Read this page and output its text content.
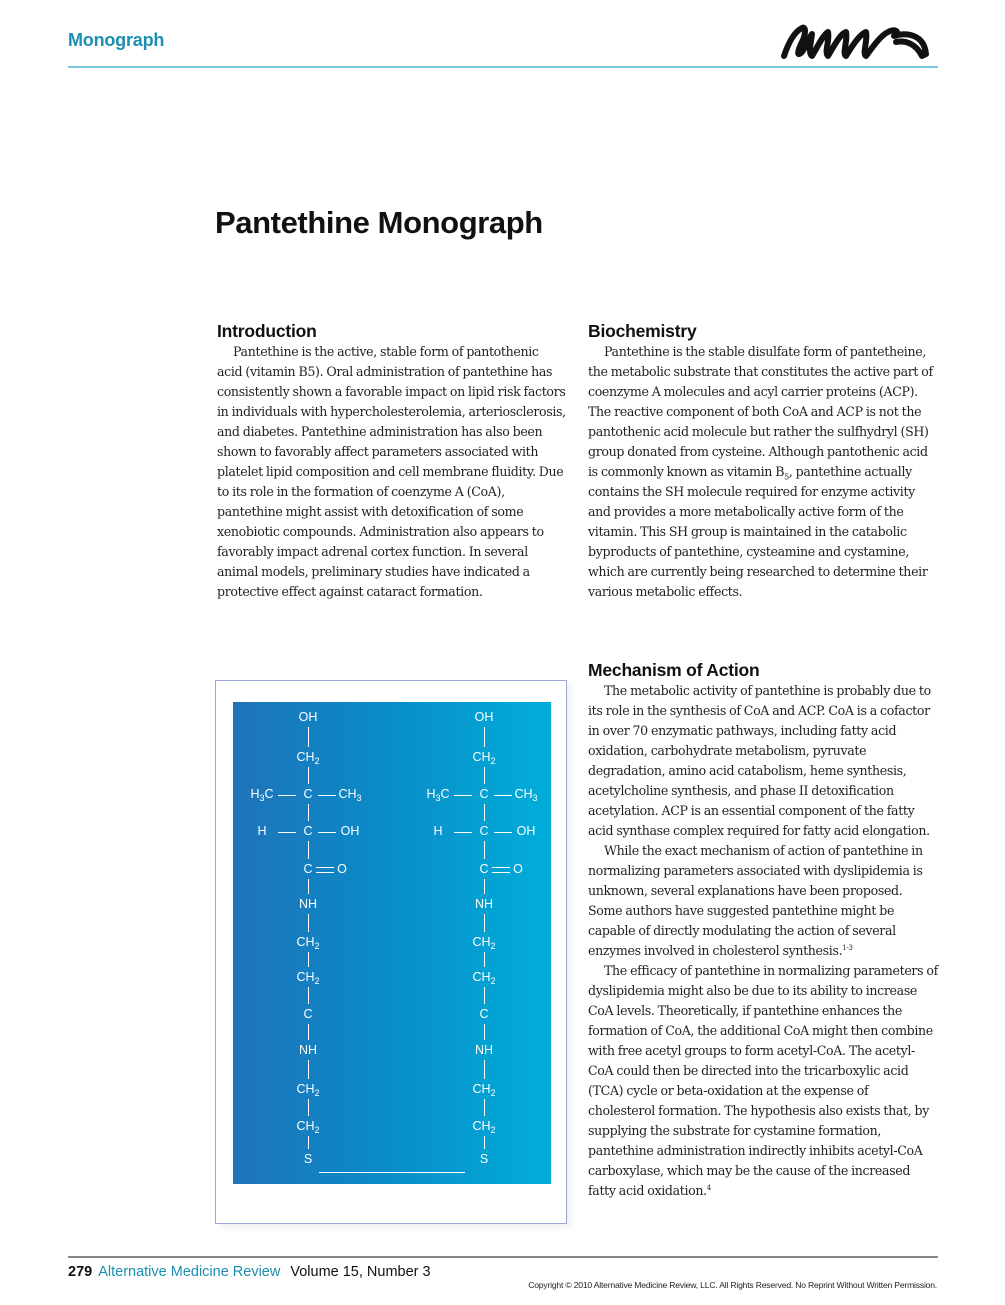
Monograph
Pantethine Monograph
Introduction

Pantethine is the active, stable form of pantothenic acid (vitamin B5). Oral administration of pantethine has consistently shown a favorable impact on lipid risk factors in individuals with hypercholesterolemia, arteriosclerosis, and diabetes. Pantethine administration has also been shown to favorably affect parameters associated with platelet lipid composition and cell membrane fluidity. Due to its role in the formation of coenzyme A (CoA), pantethine might assist with detoxification of some xenobiotic compounds. Administration also appears to favorably impact adrenal cortex function. In several animal models, preliminary studies have indicated a protective effect against cataract formation.

Biochemistry

Pantethine is the stable disulfate form of pantetheine, the metabolic substrate that constitutes the active part of coenzyme A molecules and acyl carrier proteins (ACP). The reactive component of both CoA and ACP is not the pantothenic acid molecule but rather the sulfhydryl (SH) group donated from cysteine. Although pantothenic acid is commonly known as vitamin $B_5$, pantethine actually contains the SH molecule required for enzyme activity and provides a more metabolically active form of the vitamin. This SH group is maintained in the catabolic byproducts of pantethine, cysteamine and cystamine, which are currently being researched to determine their various metabolic effects.

Mechanism of Action

The metabolic activity of pantethine is probably due to its role in the synthesis of CoA and ACP. CoA is a cofactor in over 70 enzymatic pathways, including fatty acid oxidation, carbohydrate metabolism, pyruvate degradation, amino acid catabolism, heme synthesis, acetylcholine synthesis, and phase II detoxification acetylation. ACP is an essential component of the fatty acid synthase complex required for fatty acid elongation.

While the exact mechanism of action of pantethine in normalizing parameters associated with dyslipidemia is unknown, several explanations have been proposed. Some authors have suggested pantethine might be capable of directly modulating the action of several enzymes involved in cholesterol synthesis.$^{1-3}$

The efficacy of pantethine in normalizing parameters of dyslipidemia might also be due to its ability to increase CoA levels. Theoretically, if pantethine enhances the formation of CoA, the additional CoA might then combine with free acetyl groups to form acetyl-CoA. The acetyl-CoA could then be directed into the tricarboxylic acid (TCA) cycle or beta-oxidation at the expense of cholesterol formation. The hypothesis also exists that, by supplying the substrate for cystamine formation, pantethine administration indirectly inhibits acetyl-CoA carboxylase, which may be the cause of the increased fatty acid oxidation.$^4$

OH
$CH_2$
C
$H_3C$	$CH_3$
C
H	OH
C O
NH
$CH_2$
$CH_2$
C
NH
$CH_2$
$CH_2$
S
OH
$CH_2$
C
$H_3C$	$CH_3$
C
H	OH
C O
NH
$CH_2$
$CH_2$
C
NH
$CH_2$
$CH_2$
S
279 Alternative Medicine Review Volume 15, Number 3
Copyright © 2010 Alternative Medicine Review, LLC. All Rights Reserved. No Reprint Without Written Permission.
